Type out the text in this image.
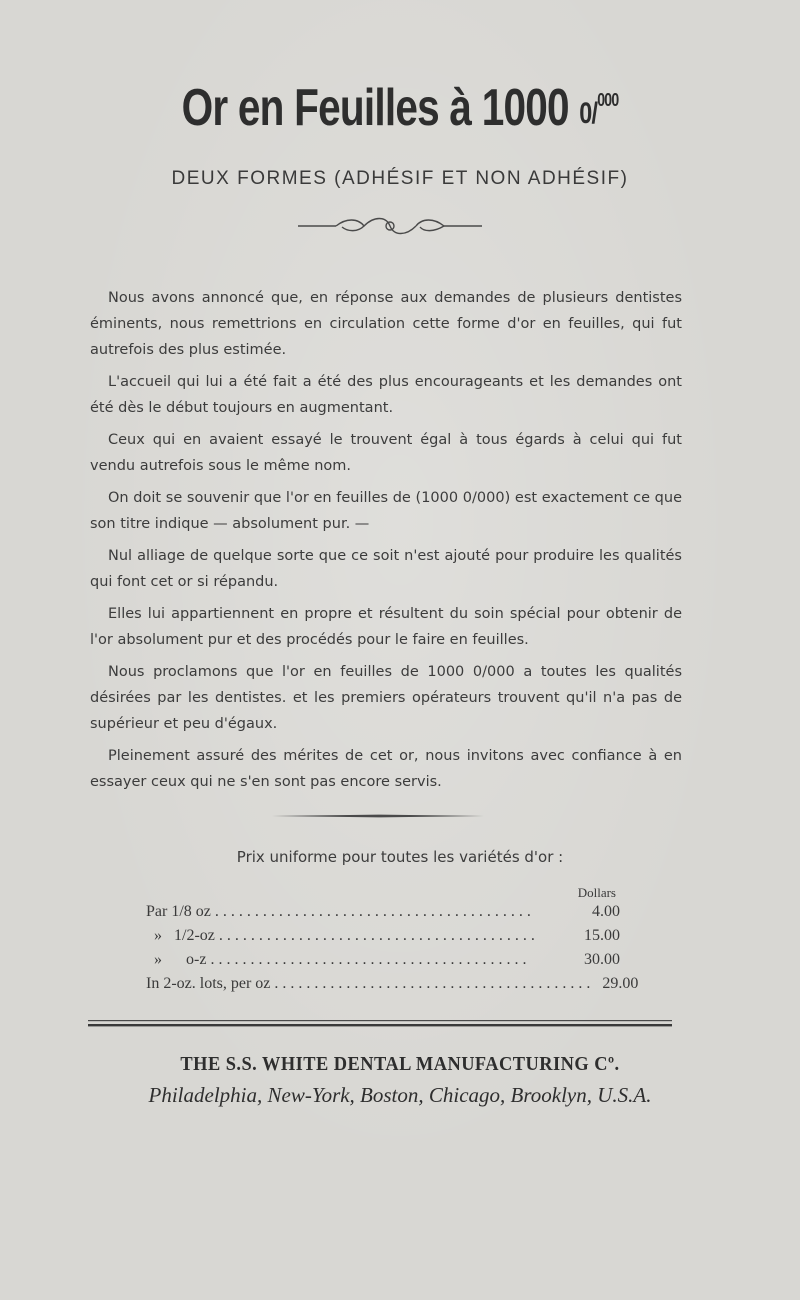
Or en Feuilles à 1000 0/$^{000}$
DEUX FORMES (ADHÉSIF ET NON ADHÉSIF)

Nous avons annoncé que, en réponse aux demandes de plusieurs dentistes éminents, nous remettrions en circulation cette forme d'or en feuilles, qui fut autrefois des plus estimée.

L'accueil qui lui a été fait a été des plus encourageants et les demandes ont été dès le début toujours en augmentant.

Ceux qui en avaient essayé le trouvent égal à tous égards à celui qui fut vendu autrefois sous le même nom.

On doit se souvenir que l'or en feuilles de (1000 0/000) est exactement ce que son titre indique — absolument pur. —

Nul alliage de quelque sorte que ce soit n'est ajouté pour produire les qualités qui font cet or si répandu.

Elles lui appartiennent en propre et résultent du soin spécial pour obtenir de l'or absolument pur et des procédés pour le faire en feuilles.

Nous proclamons que l'or en feuilles de 1000 0/000 a toutes les qualités désirées par les dentistes. et les premiers opérateurs trouvent qu'il n'a pas de supérieur et peu d'égaux.

Pleinement assuré des mérites de cet or, nous invitons avec confiance à en essayer ceux qui ne s'en sont pas encore servis.

Prix uniforme pour toutes les variétés d'or :
Dollars
Par 1/8 oz ........................................	4.00
»   1/2-oz ........................................	15.00
»      o-z ........................................	30.00
In 2-oz. lots, per oz ........................................ 29.00
THE S.S. WHITE DENTAL MANUFACTURING Cº.
Philadelphia, New-York, Boston, Chicago, Brooklyn, U.S.A.
